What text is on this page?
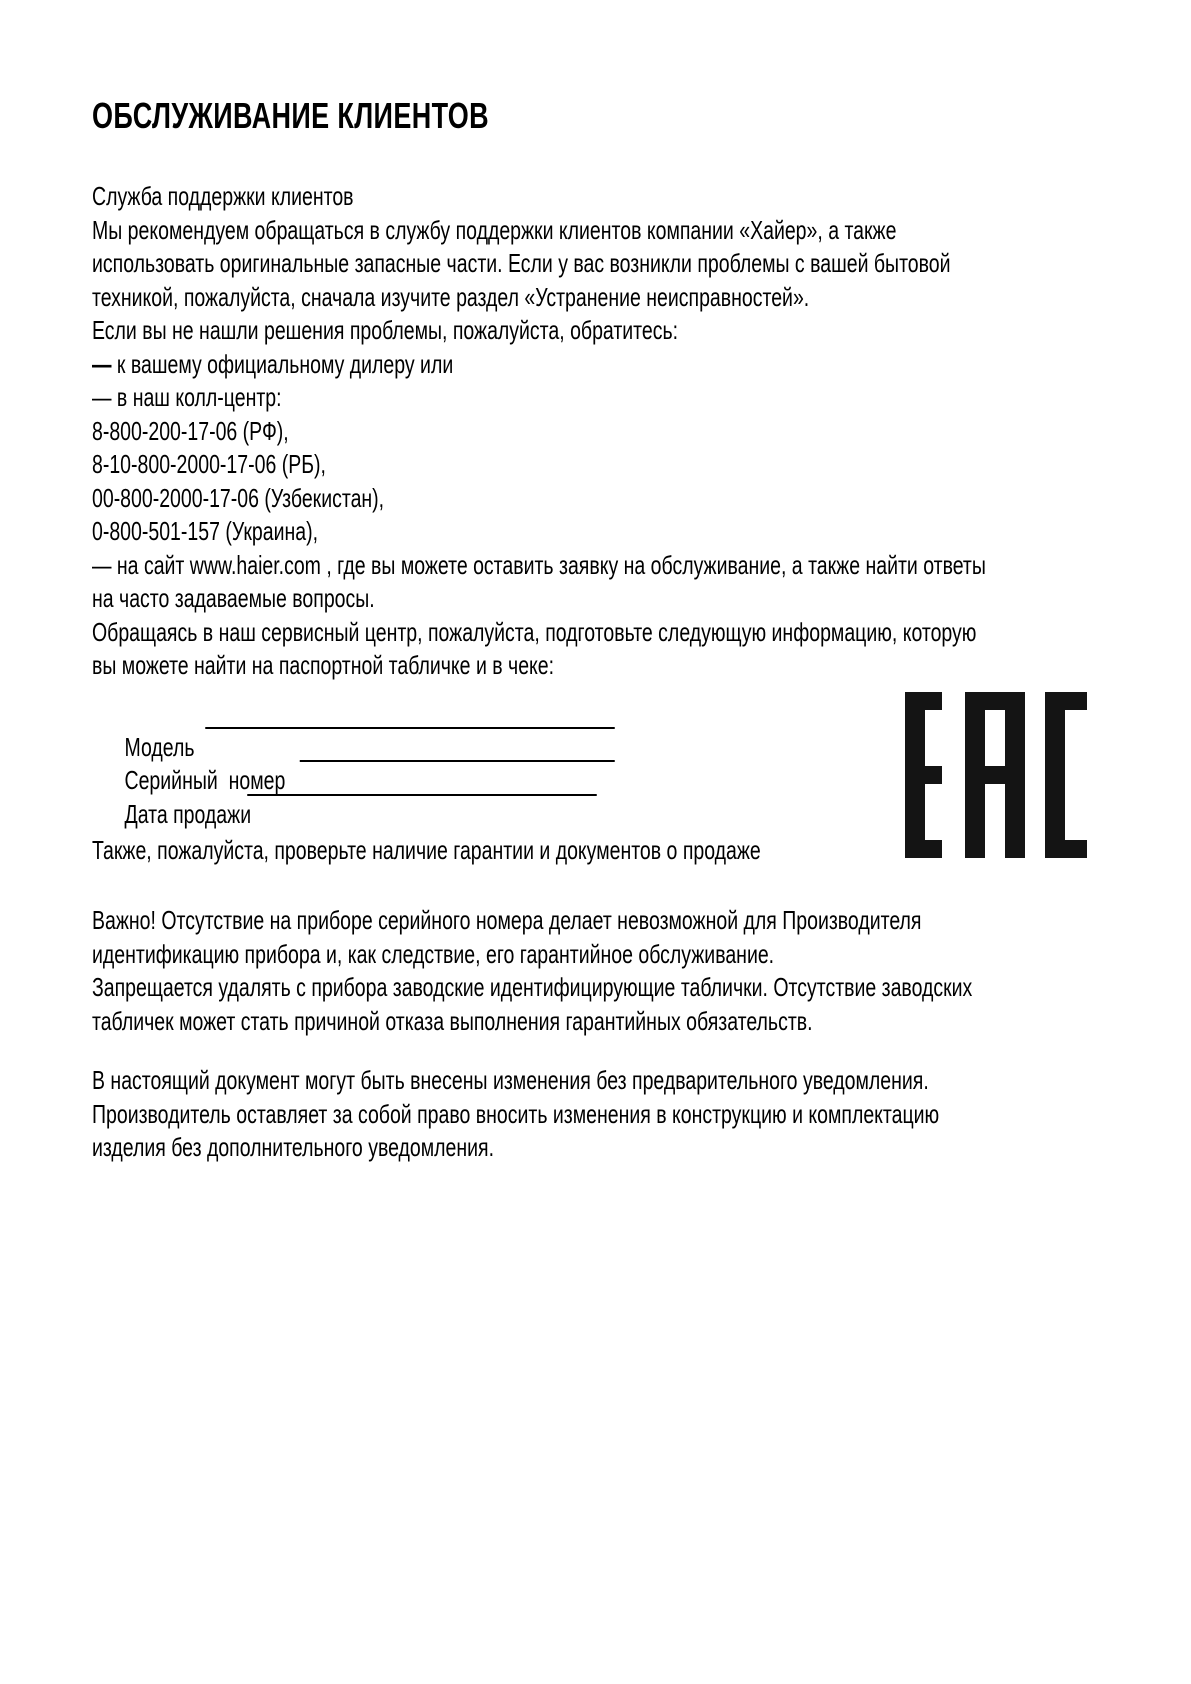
ОБСЛУЖИВАНИЕ КЛИЕНТОВ
Служба поддержки клиентов
Мы рекомендуем обращаться в службу поддержки клиентов компании «Хайер», а также
использовать оригинальные запасные части. Если у вас возникли проблемы с вашей бытовой
техникой, пожалуйста, сначала изучите раздел «Устранение неисправностей».
Если вы не нашли решения проблемы, пожалуйста, обратитесь:
— к вашему официальному дилеру или
— в наш колл-центр:
8-800-200-17-06 (РФ),
8-10-800-2000-17-06 (РБ),
00-800-2000-17-06 (Узбекистан),
0-800-501-157 (Украина),
— на сайт www.haier.com , где вы можете оставить заявку на обслуживание, а также найти ответы
на часто задаваемые вопросы.
Обращаясь в наш сервисный центр, пожалуйста, подготовьте следующую информацию, которую
вы можете найти на паспортной табличке и в чеке:

Модель

Серийный  номер

Дата продажи

Также, пожалуйста, проверьте наличие гарантии и документов о продаже
Важно! Отсутствие на приборе серийного номера делает невозможной для Производителя
идентификацию прибора и, как следствие, его гарантийное обслуживание.
Запрещается удалять с прибора заводские идентифицирующие таблички. Отсутствие заводских
табличек может стать причиной отказа выполнения гарантийных обязательств.
В настоящий документ могут быть внесены изменения без предварительного уведомления.
Производитель оставляет за собой право вносить изменения в конструкцию и комплектацию
изделия без дополнительного уведомления.
